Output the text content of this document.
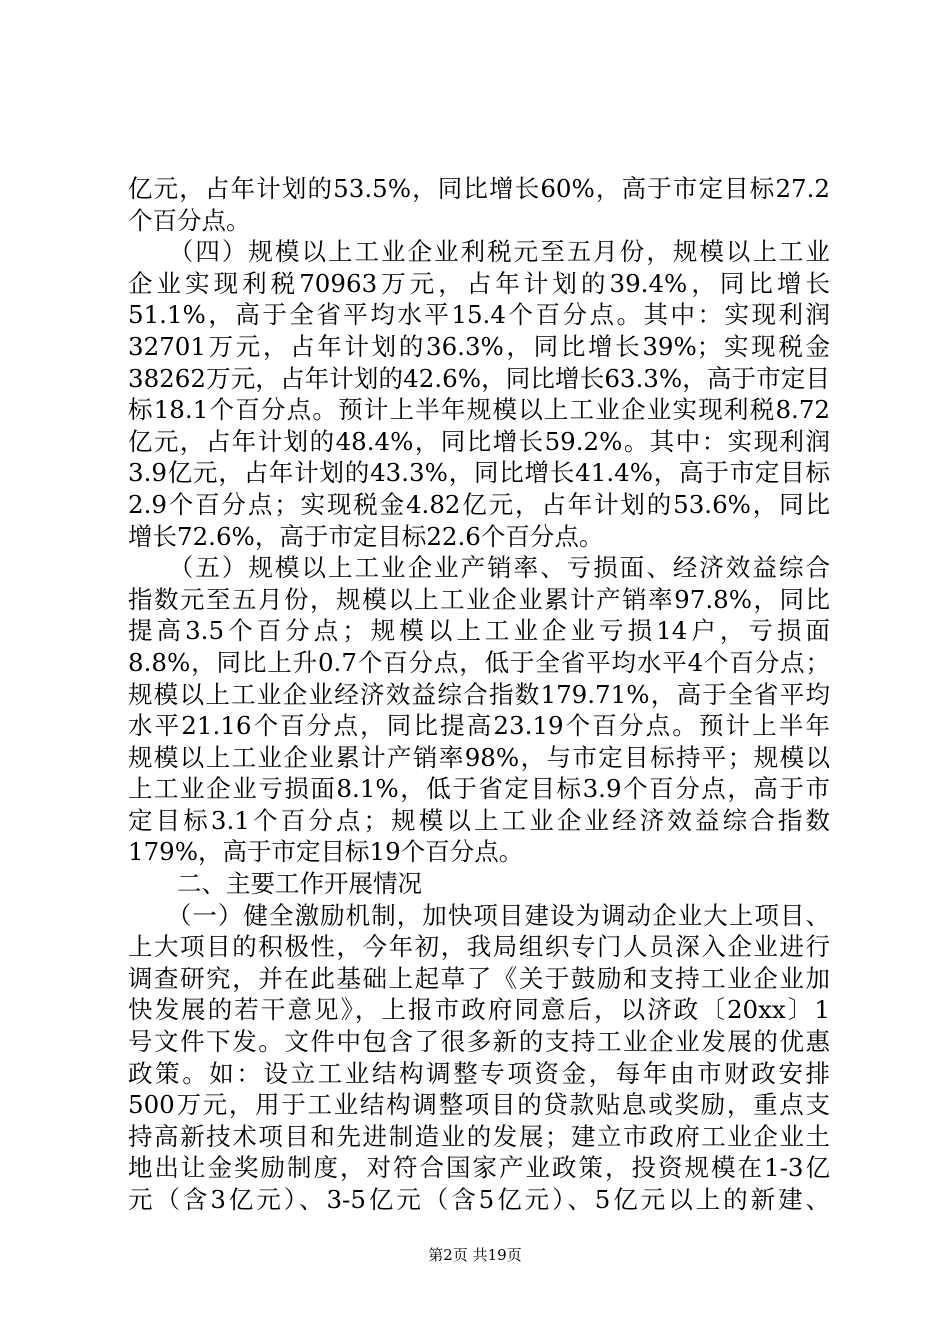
亿元，占年计划的53.5%，同比增长60%，高于市定目标27.2
个百分点。
　　（四）规模以上工业企业利税元至五月份，规模以上工业
企业实现利税70963万元，占年计划的39.4%，同比增长
51.1%，高于全省平均水平15.4个百分点。其中：实现利润
32701万元，占年计划的36.3%，同比增长39%；实现税金
38262万元，占年计划的42.6%，同比增长63.3%，高于市定目
标18.1个百分点。预计上半年规模以上工业企业实现利税8.72
亿元，占年计划的48.4%，同比增长59.2%。其中：实现利润
3.9亿元，占年计划的43.3%，同比增长41.4%，高于市定目标
2.9个百分点；实现税金4.82亿元，占年计划的53.6%，同比
增长72.6%，高于市定目标22.6个百分点。
　　（五）规模以上工业企业产销率、亏损面、经济效益综合
指数元至五月份，规模以上工业企业累计产销率97.8%，同比
提高3.5个百分点；规模以上工业企业亏损14户，亏损面
8.8%，同比上升0.7个百分点，低于全省平均水平4个百分点；
规模以上工业企业经济效益综合指数179.71%，高于全省平均
水平21.16个百分点，同比提高23.19个百分点。预计上半年
规模以上工业企业累计产销率98%，与市定目标持平；规模以
上工业企业亏损面8.1%，低于省定目标3.9个百分点，高于市
定目标3.1个百分点；规模以上工业企业经济效益综合指数
179%，高于市定目标19个百分点。
　　二、主要工作开展情况
　　（一）健全激励机制，加快项目建设为调动企业大上项目、
上大项目的积极性，今年初，我局组织专门人员深入企业进行
调查研究，并在此基础上起草了《关于鼓励和支持工业企业加
快发展的若干意见》，上报市政府同意后，以济政〔20xx〕1
号文件下发。文件中包含了很多新的支持工业企业发展的优惠
政策。如：设立工业结构调整专项资金，每年由市财政安排
500万元，用于工业结构调整项目的贷款贴息或奖励，重点支
持高新技术项目和先进制造业的发展；建立市政府工业企业土
地出让金奖励制度，对符合国家产业政策，投资规模在1-3亿
元（含3亿元）、3-5亿元（含5亿元）、5亿元以上的新建、
第2页 共19页
